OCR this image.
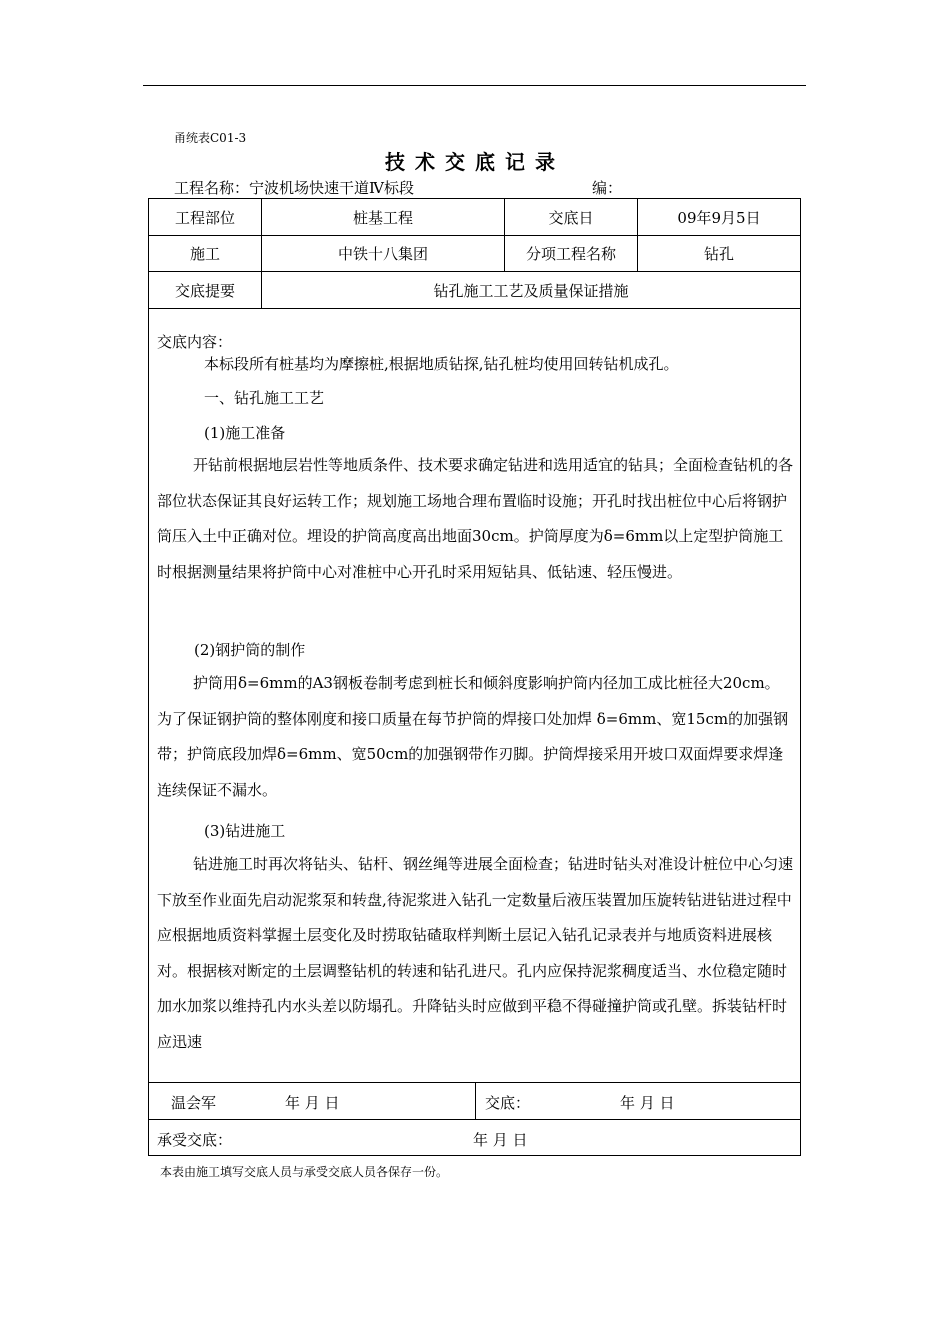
甬统表C01-3
技术交底记录
工程名称：宁波机场快速干道Ⅳ标段	编：
工程部位	桩基工程	交底日	09年9月5日
施工	中铁十八集团	分项工程名称	钻孔
交底提要	钻孔施工工艺及质量保证措施
交底内容：
本标段所有桩基均为摩擦桩,根据地质钻探,钻孔桩均使用回转钻机成孔。
一、钻孔施工工艺
(1)施工准备
开钻前根据地层岩性等地质条件、技术要求确定钻进和选用适宜的钻具；全面检查钻机的各部位状态保证其良好运转工作；规划施工场地合理布置临时设施；开孔时找出桩位中心后将钢护筒压入土中正确对位。埋设的护筒高度高出地面30cm。护筒厚度为δ=6mm以上定型护筒施工时根据测量结果将护筒中心对准桩中心开孔时采用短钻具、低钻速、轻压慢进。
(2)钢护筒的制作
护筒用δ=6mm的A3钢板卷制考虑到桩长和倾斜度影响护筒内径加工成比桩径大20cm。为了保证钢护筒的整体刚度和接口质量在每节护筒的焊接口处加焊 δ=6mm、宽15cm的加强钢带；护筒底段加焊δ=6mm、宽50cm的加强钢带作刃脚。护筒焊接采用开坡口双面焊要求焊逢连续保证不漏水。
(3)钻进施工
钻进施工时再次将钻头、钻杆、钢丝绳等进展全面检查；钻进时钻头对准设计桩位中心匀速下放至作业面先启动泥浆泵和转盘,待泥浆进入钻孔一定数量后液压装置加压旋转钻进钻进过程中应根据地质资料掌握土层变化及时捞取钻碴取样判断土层记入钻孔记录表并与地质资料进展核对。根据核对断定的土层调整钻机的转速和钻孔进尺。孔内应保持泥浆稠度适当、水位稳定随时加水加浆以维持孔内水头差以防塌孔。升降钻头时应做到平稳不得碰撞护筒或孔壁。拆装钻杆时应迅速
温会军	年 月 日	交底：	年 月 日
承受交底：	年 月 日
本表由施工填写交底人员与承受交底人员各保存一份。
